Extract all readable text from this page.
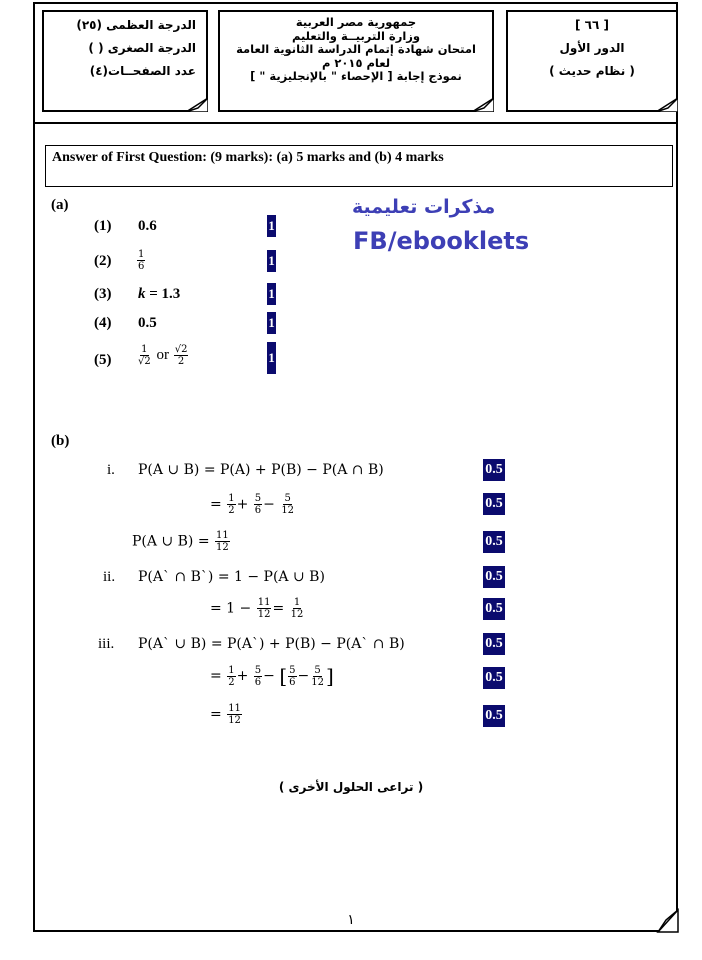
الدرجة العظمى (٢٥)
الدرجة الصغرى ( )
عدد الصفحــات(٤)
جمهورية مصر العربية
وزارة التربيــة والتعليم
امتحان شهادة إتمام الدراسة الثانوية العامة
لعام ٢٠١٥ م
نموذج إجابة [ الإحصاء " بالإنجليزية " ]
[ ٦٦ ]
الدور الأول
( نظام حديث )
Answer of First Question: (9 marks): (a) 5 marks and (b) 4 marks
مذكرات تعليمية
FB/ebooklets
(a)
(1) 0.6	1
(2)	$\frac{1}{6}$	1
(3) k = 1.3	1
(4) 0.5	1
(5)	$\frac{1}{√2}$ or $\frac{√2}{2}$	1
(b)
i. P(A ∪ B) = P(A) + P(B) − P(A ∩ B)	0.5
= $\frac{1}{2} + \frac{5}{6} - \frac{5}{12}$	0.5
P(A ∪ $B) = \frac{11}{12}$	0.5
ii. P(A` ∩ B`) = 1 − P(A ∪ B)	0.5
= $1 - \frac{11}{12} = \frac{1}{12}$	0.5
iii. P(A` ∪ B) = P(A`) + P(B) − P(A` ∩ B)	0.5
= $\frac{1}{2} + \frac{5}{6}$ − [ $\frac{5}{6} - \frac{5}{12}$ ]	0.5
= $\frac{11}{12}$	0.5
( تراعى الحلول الأخرى )
١
